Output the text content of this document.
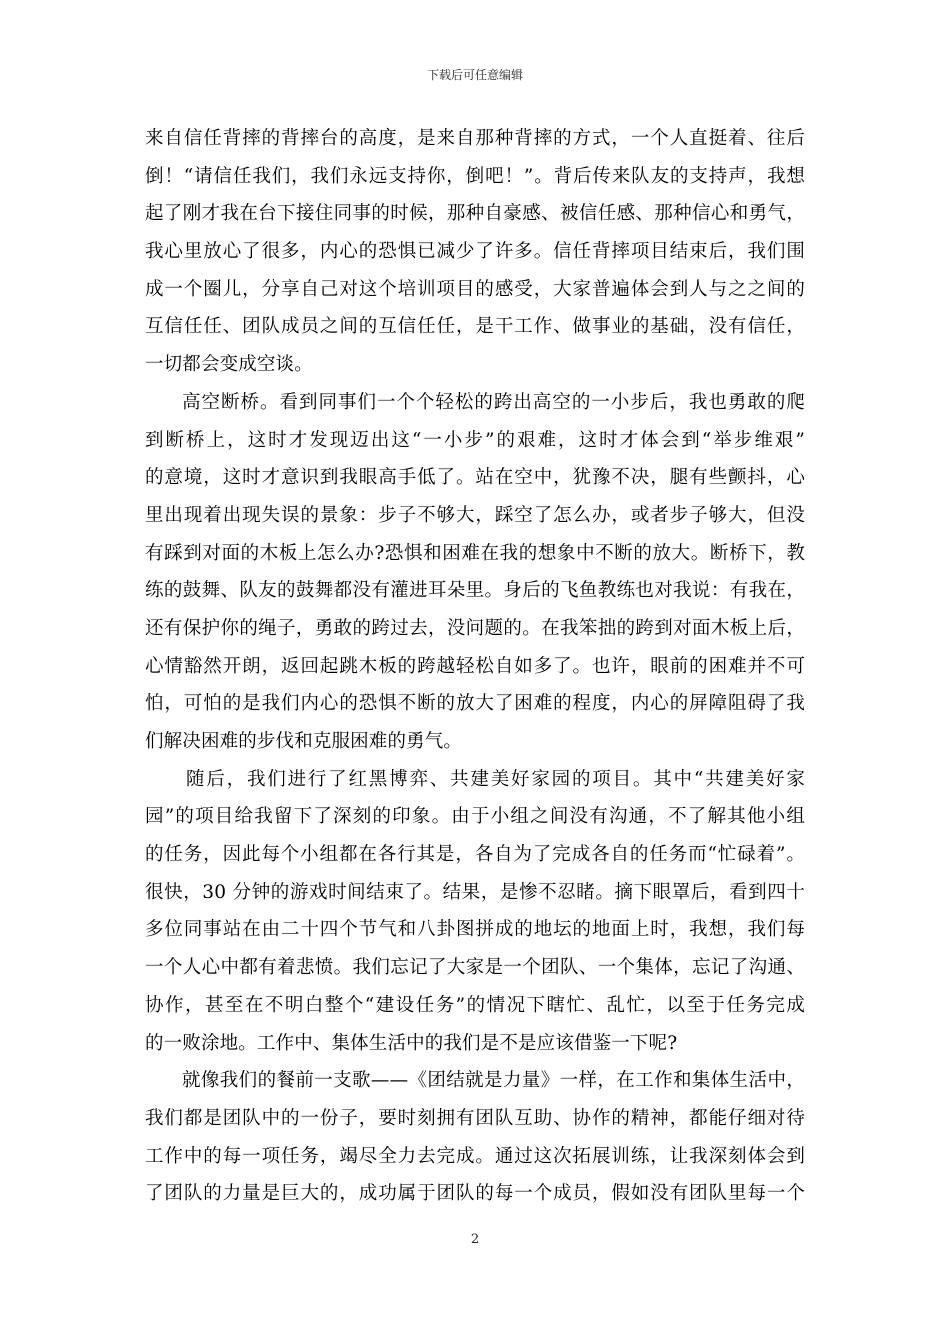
下载后可任意编辑
来自信任背摔的背摔台的高度，是来自那种背摔的方式，一个人直挺着、往后
倒！“请信任我们，我们永远支持你，倒吧！”。背后传来队友的支持声，我想
起了刚才我在台下接住同事的时候，那种自豪感、被信任感、那种信心和勇气，
我心里放心了很多，内心的恐惧已减少了许多。信任背摔项目结束后，我们围
成一个圈儿，分享自己对这个培训项目的感受，大家普遍体会到人与之之间的
互信任任、团队成员之间的互信任任，是干工作、做事业的基础，没有信任，
一切都会变成空谈。
高空断桥。看到同事们一个个轻松的跨出高空的一小步后，我也勇敢的爬
到断桥上，这时才发现迈出这“一小步”的艰难，这时才体会到“举步维艰”
的意境，这时才意识到我眼高手低了。站在空中，犹豫不决，腿有些颤抖，心
里出现着出现失误的景象：步子不够大，踩空了怎么办，或者步子够大，但没
有踩到对面的木板上怎么办?恐惧和困难在我的想象中不断的放大。断桥下，教
练的鼓舞、队友的鼓舞都没有灌进耳朵里。身后的飞鱼教练也对我说：有我在，
还有保护你的绳子，勇敢的跨过去，没问题的。在我笨拙的跨到对面木板上后，
心情豁然开朗，返回起跳木板的跨越轻松自如多了。也许，眼前的困难并不可
怕，可怕的是我们内心的恐惧不断的放大了困难的程度，内心的屏障阻碍了我
们解决困难的步伐和克服困难的勇气。
随后，我们进行了红黑博弈、共建美好家园的项目。其中“共建美好家
园”的项目给我留下了深刻的印象。由于小组之间没有沟通，不了解其他小组
的任务，因此每个小组都在各行其是，各自为了完成各自的任务而“忙碌着”。
很快，30 分钟的游戏时间结束了。结果，是惨不忍睹。摘下眼罩后，看到四十
多位同事站在由二十四个节气和八卦图拼成的地坛的地面上时，我想，我们每
一个人心中都有着悲愤。我们忘记了大家是一个团队、一个集体，忘记了沟通、
协作，甚至在不明白整个“建设任务”的情况下瞎忙、乱忙，以至于任务完成
的一败涂地。工作中、集体生活中的我们是不是应该借鉴一下呢?
就像我们的餐前一支歌——《团结就是力量》一样，在工作和集体生活中，
我们都是团队中的一份子，要时刻拥有团队互助、协作的精神，都能仔细对待
工作中的每一项任务，竭尽全力去完成。通过这次拓展训练，让我深刻体会到
了团队的力量是巨大的，成功属于团队的每一个成员，假如没有团队里每一个
2
